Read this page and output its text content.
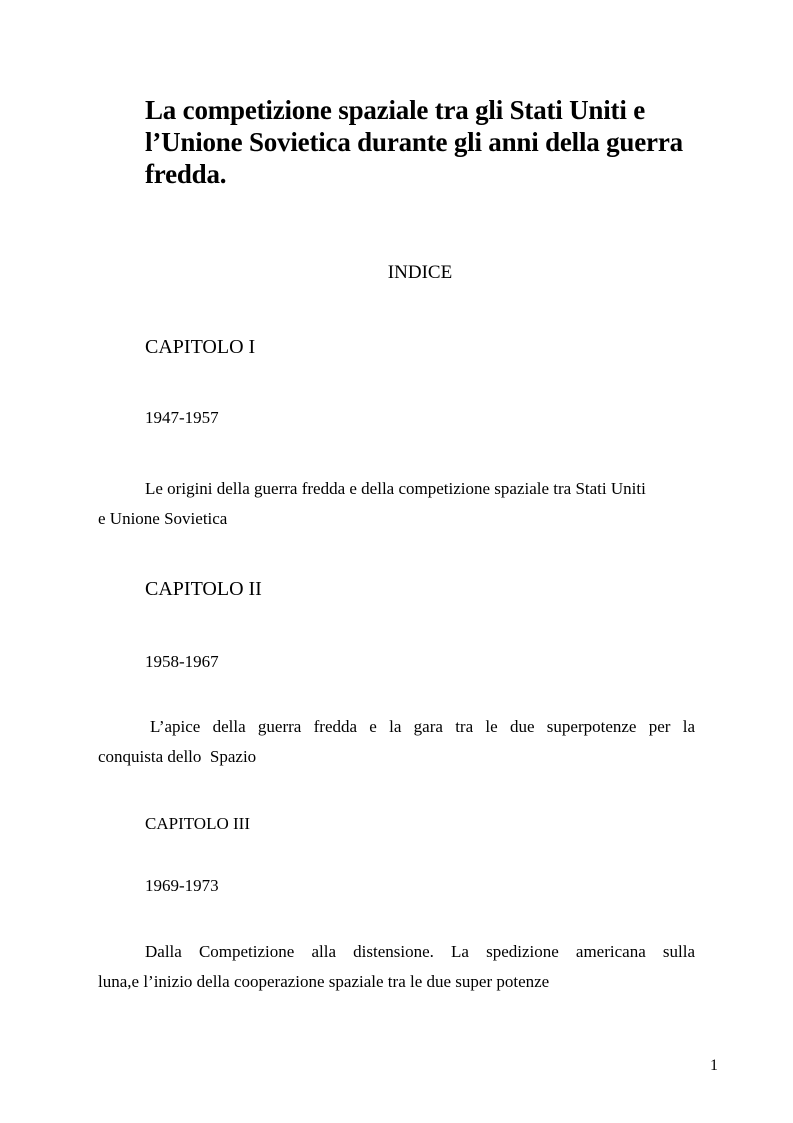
La competizione spaziale tra gli Stati Uniti e
l’Unione Sovietica durante gli anni della guerra
fredda.
INDICE
CAPITOLO I
1947-1957
Le origini della guerra fredda e della competizione spaziale tra Stati Uniti
e Unione Sovietica
CAPITOLO II
1958-1967
L’apice della guerra fredda e la gara tra le due superpotenze per la
conquista dello  Spazio
CAPITOLO III
1969-1973
Dalla Competizione alla distensione. La spedizione americana sulla
luna,e l’inizio della cooperazione spaziale tra le due super potenze
1
